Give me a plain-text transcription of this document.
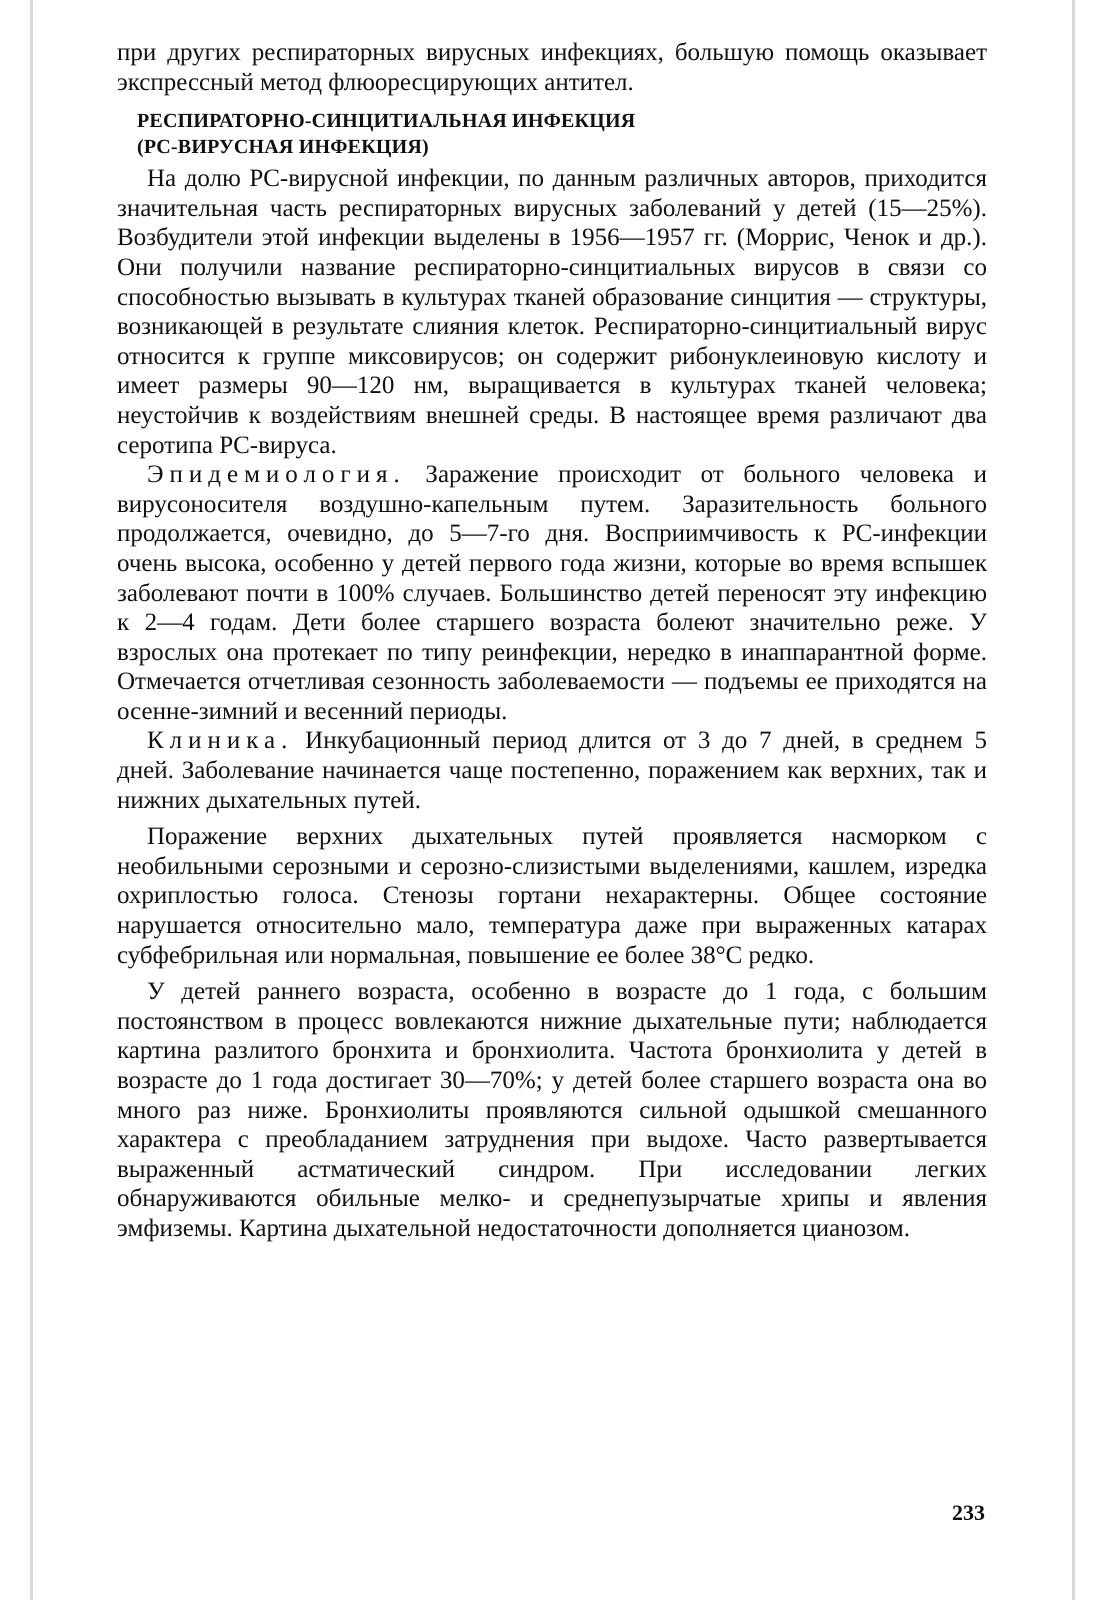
при других респираторных вирусных инфекциях, большую помощь оказывает экспрессный метод флюоресцирующих антител.

РЕСПИРАТОРНО-СИНЦИТИАЛЬНАЯ ИНФЕКЦИЯ
(PC-ВИРУСНАЯ ИНФЕКЦИЯ)

На долю PC-вирусной инфекции, по данным различных авторов, приходится значительная часть респираторных вирусных заболеваний у детей (15—25%). Возбудители этой инфекции выделены в 1956—1957 гг. (Моррис, Ченок и др.). Они получили название респираторно-синцитиальных вирусов в связи со способностью вызывать в культурах тканей образование синцития — структуры, возникающей в результате слияния клеток. Респираторно-синцитиальный вирус относится к группе миксовирусов; он содержит рибонуклеиновую кислоту и имеет размеры 90—120 нм, выращивается в культурах тканей человека; неустойчив к воздействиям внешней среды. В настоящее время различают два серотипа PC-вируса.

Эпидемиология. Заражение происходит от больного человека и вирусоносителя воздушно-капельным путем. Заразительность больного продолжается, очевидно, до 5—7-го дня. Восприимчивость к PC-инфекции очень высока, особенно у детей первого года жизни, которые во время вспышек заболевают почти в 100% случаев. Большинство детей переносят эту инфекцию к 2—4 годам. Дети более старшего возраста болеют значительно реже. У взрослых она протекает по типу реинфекции, нередко в инаппарантной форме. Отмечается отчетливая сезонность заболеваемости — подъемы ее приходятся на осенне-зимний и весенний периоды.

Клиника. Инкубационный период длится от 3 до 7 дней, в среднем 5 дней. Заболевание начинается чаще постепенно, поражением как верхних, так и нижних дыхательных путей.

Поражение верхних дыхательных путей проявляется насморком с необильными серозными и серозно-слизистыми выделениями, кашлем, изредка охриплостью голоса. Стенозы гортани нехарактерны. Общее состояние нарушается относительно мало, температура даже при выраженных катарах субфебрильная или нормальная, повышение ее более 38°С редко.

У детей раннего возраста, особенно в возрасте до 1 года, с большим постоянством в процесс вовлекаются нижние дыхательные пути; наблюдается картина разлитого бронхита и бронхиолита. Частота бронхиолита у детей в возрасте до 1 года достигает 30—70%; у детей более старшего возраста она во много раз ниже. Бронхиолиты проявляются сильной одышкой смешанного характера с преобладанием затруднения при выдохе. Часто развертывается выраженный астматический синдром. При исследовании легких обнаруживаются обильные мелко- и среднепузырчатые хрипы и явления эмфиземы. Картина дыхательной недостаточности дополняется цианозом.

233
